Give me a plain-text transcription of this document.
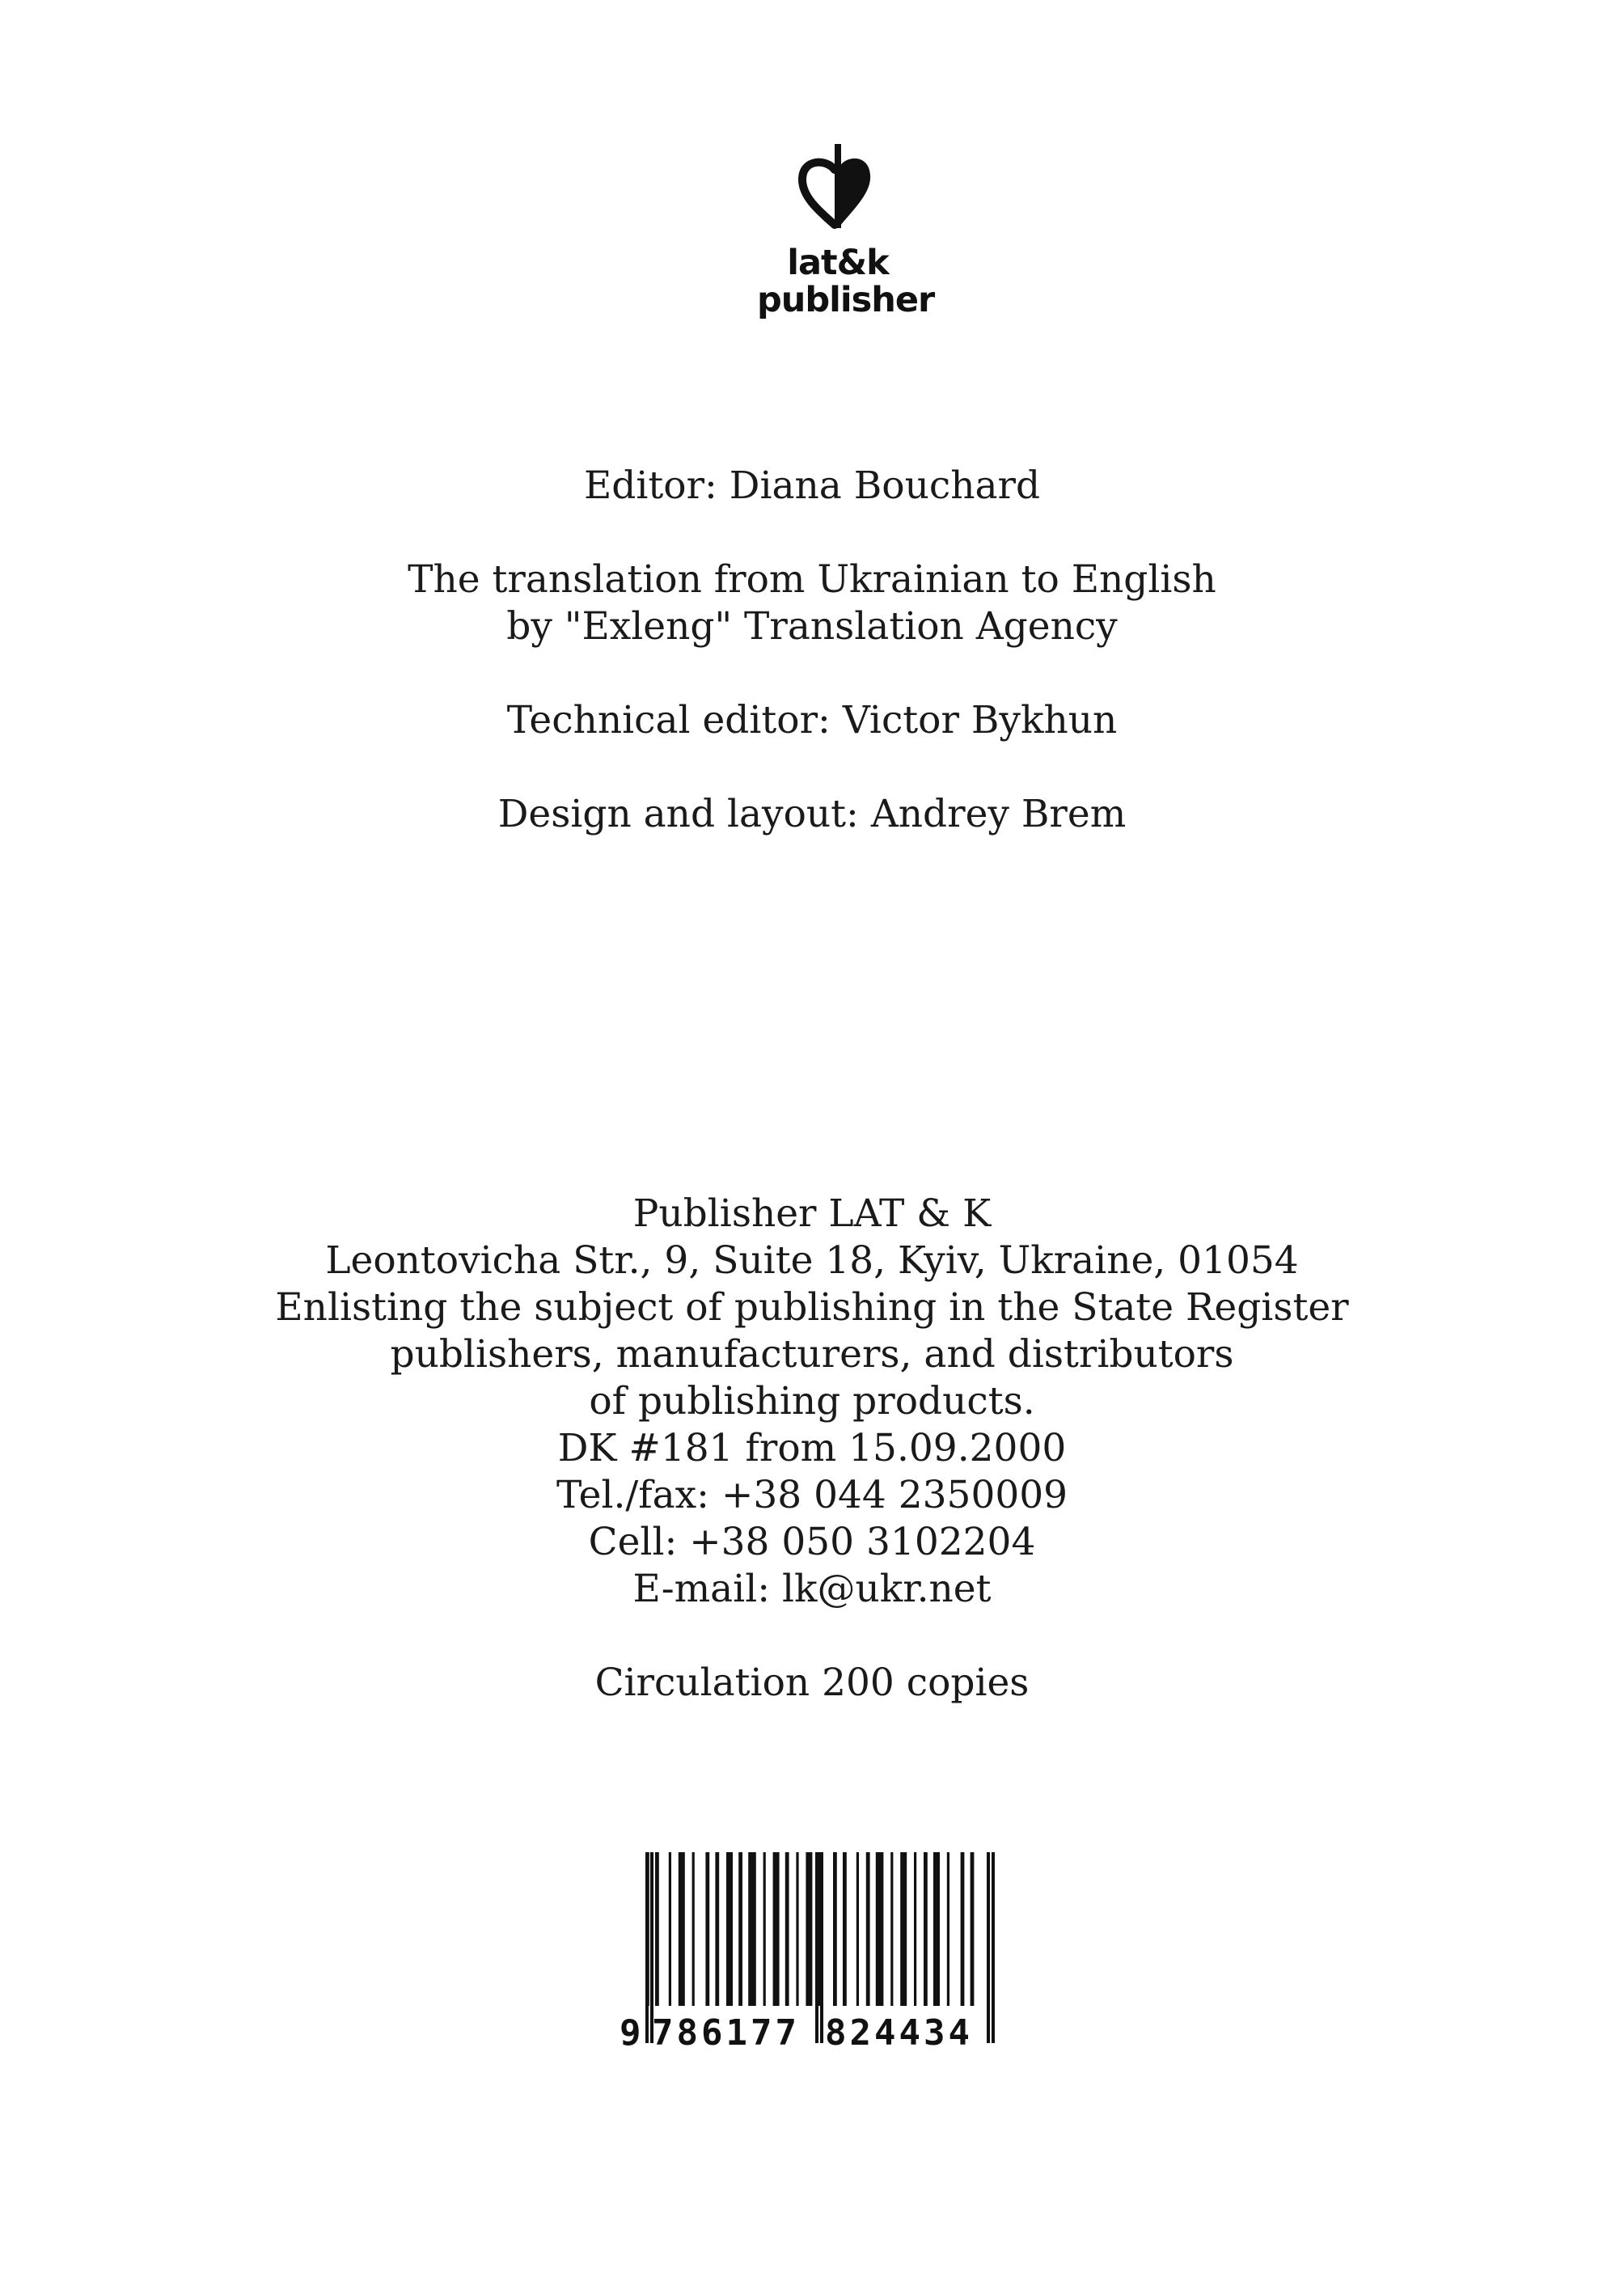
lat&k
publisher

Editor: Diana Bouchard

The translation from Ukrainian to English
by "Exleng" Translation Agency

Technical editor: Victor Bykhun

Design and layout: Andrey Brem

Publisher LAT & K

Leontovicha Str., 9, Suite 18, Kyiv, Ukraine, 01054

Enlisting the subject of publishing in the State Register

publishers, manufacturers, and distributors

of publishing products.

DK #181 from 15.09.2000

Tel./fax: +38 044 2350009

Cell: +38 050 3102204

E-mail: lk@ukr.net

Circulation 200 copies

9 786177 824434
